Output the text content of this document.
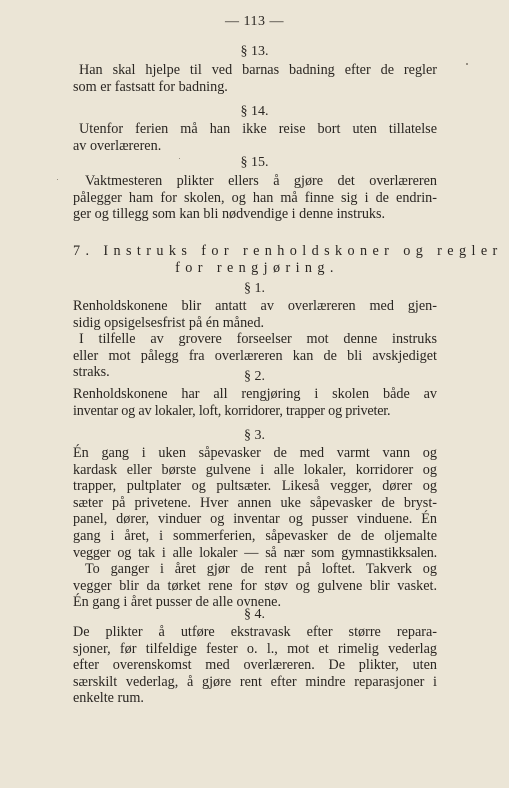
— 113 —
§ 13.
Han skal hjelpe til ved barnas badning efter de regler
som er fastsatt for badning.
§ 14.
Utenfor ferien må han ikke reise bort uten tillatelse
av overlæreren.
§ 15.
Vaktmesteren plikter ellers å gjøre det overlæreren
pålegger ham for skolen, og han må finne sig i de endrin-
ger og tillegg som kan bli nødvendige i denne instruks.
7. Instruks for renholdskoner og regler
for rengjøring.
§ 1.
Renholdskonene blir antatt av overlæreren med gjen-
sidig opsigelsesfrist på én måned.
I tilfelle av grovere forseelser mot denne instruks
eller mot pålegg fra overlæreren kan de bli avskjediget
straks.	§ 2.
Renholdskonene har all rengjøring i skolen både av
inventar og av lokaler, loft, korridorer, trapper og priveter.
§ 3.
Én gang i uken såpevasker de med varmt vann og
kardask eller børste gulvene i alle lokaler, korridorer og
trapper, pultplater og pultsæter. Likeså vegger, dører og
sæter på privetene. Hver annen uke såpevasker de bryst-
panel, dører, vinduer og inventar og pusser vinduene. Én
gang i året, i sommerferien, såpevasker de de oljemalte
vegger og tak i alle lokaler — så nær som gymnastikksalen.
To ganger i året gjør de rent på loftet. Takverk og
vegger blir da tørket rene for støv og gulvene blir vasket.
Én gang i året pusser de alle ovnene.
§ 4.
De plikter å utføre ekstravask efter større repara-
sjoner, før tilfeldige fester o. l., mot et rimelig vederlag
efter overenskomst med overlæreren. De plikter, uten
særskilt vederlag, å gjøre rent efter mindre reparasjoner i
enkelte rum.
